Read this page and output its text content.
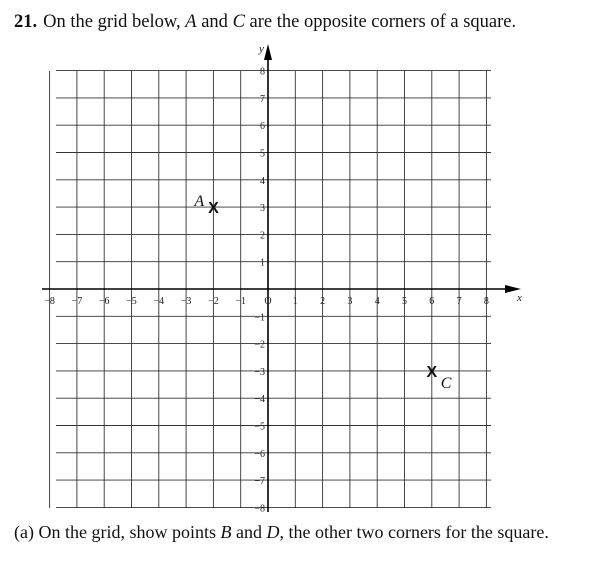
21. On the grid below, A and C are the opposite corners of a square.
x
y
−8 −7 −6 −5 −4 −3 −2 −1 O 1 2 3 4 5 6 7 8
1
2
3
4
5
6
7
8
−1
−2
−3
−4
−5
−6
−7
−8
X
A
X
C
(a) On the grid, show points B and D, the other two corners for the square.
